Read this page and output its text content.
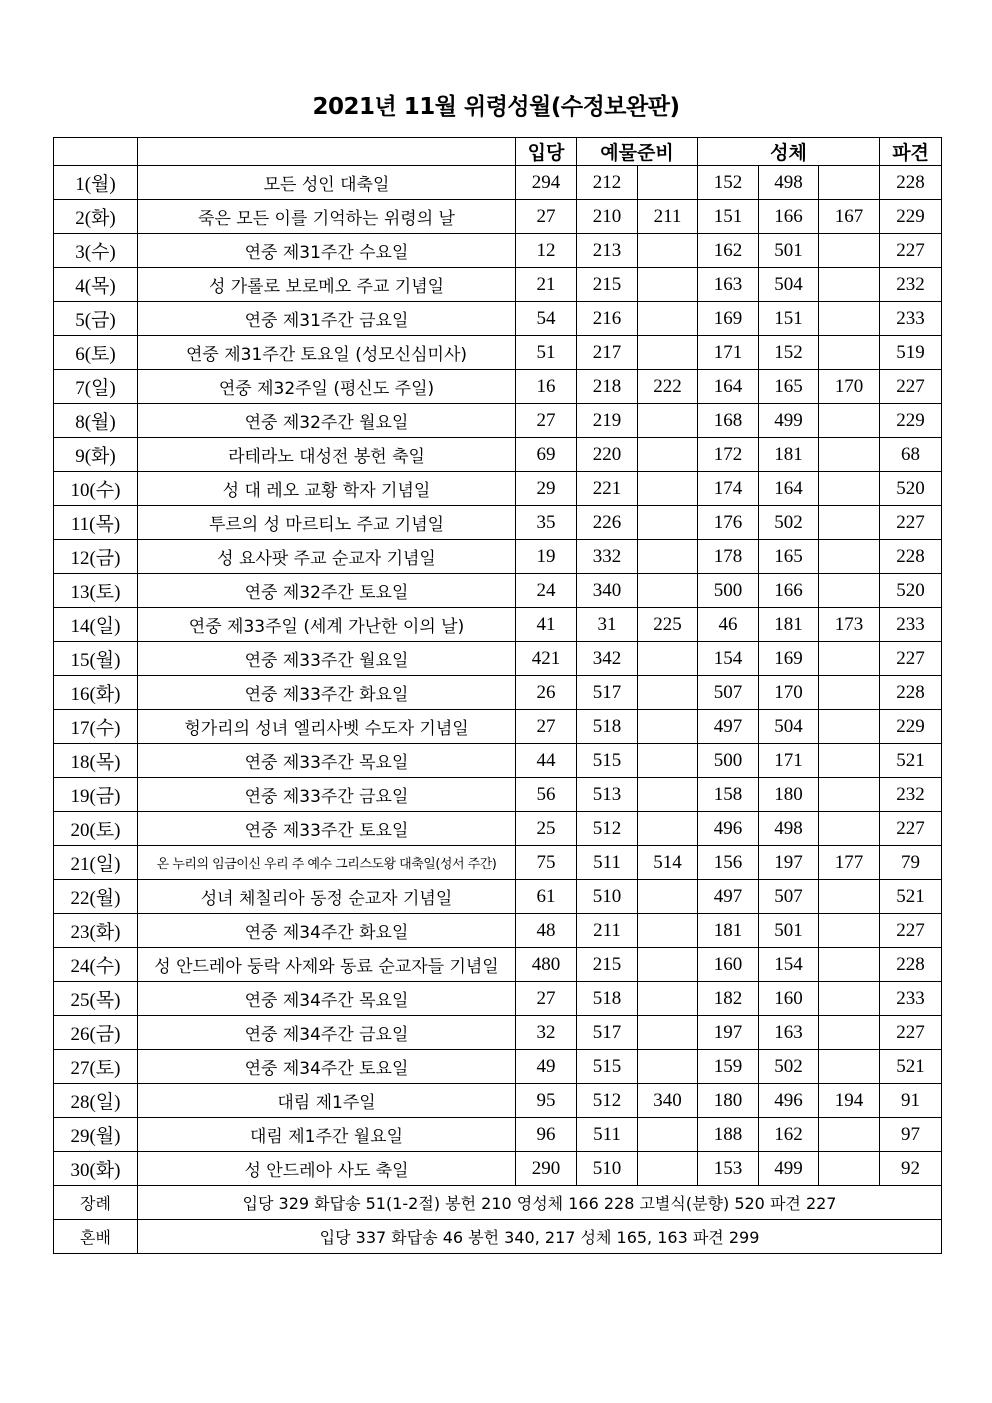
2021년 11월 위령성월(수정보완판)
		입당	예물준비		성체			파견
1(월)	모든 성인 대축일	294	212		152	498		228
2(화)	죽은 모든 이를 기억하는 위령의 날	27	210	211	151	166	167	229
3(수)	연중 제31주간 수요일	12	213		162	501		227
4(목)	성 가롤로 보로메오 주교 기념일	21	215		163	504		232
5(금)	연중 제31주간 금요일	54	216		169	151		233
6(토)	연중 제31주간 토요일 (성모신심미사)	51	217		171	152		519
7(일)	연중 제32주일 (평신도 주일)	16	218	222	164	165	170	227
8(월)	연중 제32주간 월요일	27	219		168	499		229
9(화)	라테라노 대성전 봉헌 축일	69	220		172	181		68
10(수)	성 대 레오 교황 학자 기념일	29	221		174	164		520
11(목)	투르의 성 마르티노 주교 기념일	35	226		176	502		227
12(금)	성 요사팟 주교 순교자 기념일	19	332		178	165		228
13(토)	연중 제32주간 토요일	24	340		500	166		520
14(일)	연중 제33주일 (세계 가난한 이의 날)	41	31	225	46	181	173	233
15(월)	연중 제33주간 월요일	421	342		154	169		227
16(화)	연중 제33주간 화요일	26	517		507	170		228
17(수)	헝가리의 성녀 엘리사벳 수도자 기념일	27	518		497	504		229
18(목)	연중 제33주간 목요일	44	515		500	171		521
19(금)	연중 제33주간 금요일	56	513		158	180		232
20(토)	연중 제33주간 토요일	25	512		496	498		227
21(일)	온 누리의 임금이신 우리 주 예수 그리스도왕 대축일(성서 주간)	75	511	514	156	197	177	79
22(월)	성녀 체칠리아 동정 순교자 기념일	61	510		497	507		521
23(화)	연중 제34주간 화요일	48	211		181	501		227
24(수)	성 안드레아 둥락 사제와 동료 순교자들 기념일	480	215		160	154		228
25(목)	연중 제34주간 목요일	27	518		182	160		233
26(금)	연중 제34주간 금요일	32	517		197	163		227
27(토)	연중 제34주간 토요일	49	515		159	502		521
28(일)	대림 제1주일	95	512	340	180	496	194	91
29(월)	대림 제1주간 월요일	96	511		188	162		97
30(화)	성 안드레아 사도 축일	290	510		153	499		92
장례	입당 329 화답송 51(1-2절) 봉헌 210 영성체 166 228 고별식(분향) 520 파견 227							
혼배	입당 337 화답송 46 봉헌 340, 217 성체 165, 163 파견 299							
